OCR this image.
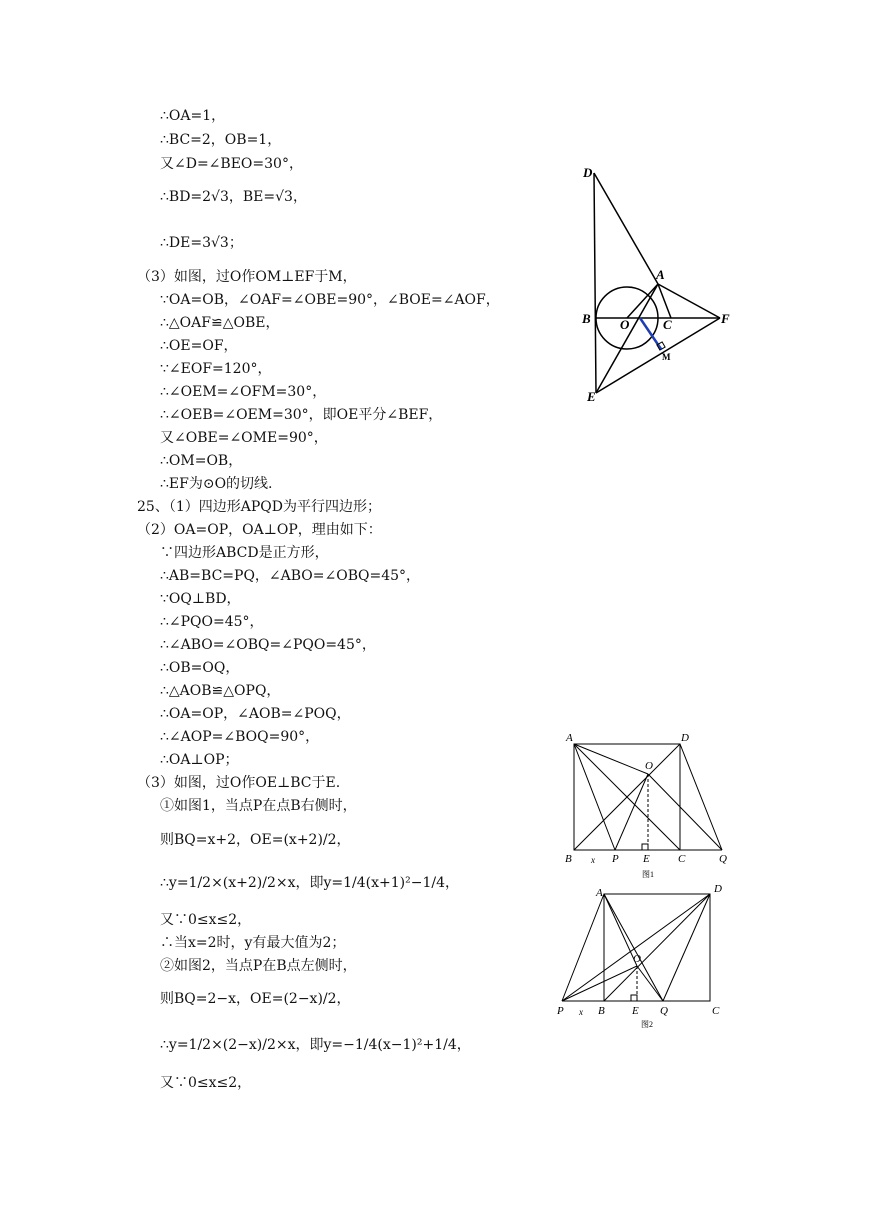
∴OA=1，
∴BC=2，OB=1，
又∠D=∠BEO=30°，
∴BD=2√3，BE=√3，
∴DE=3√3；
（3）如图，过O作OM⊥EF于M，
∵OA=OB，∠OAF=∠OBE=90°，∠BOE=∠AOF，
∴△OAF≌△OBE，
∴OE=OF，
∵∠EOF=120°，
∴∠OEM=∠OFM=30°，
∴∠OEB=∠OEM=30°，即OE平分∠BEF，
又∠OBE=∠OME=90°，
∴OM=OB，
∴EF为⊙O的切线.
25、（1）四边形APQD为平行四边形；
（2）OA=OP，OA⊥OP，理由如下：
∵四边形ABCD是正方形，
∴AB=BC=PQ，∠ABO=∠OBQ=45°，
∵OQ⊥BD，
∴∠PQO=45°，
∴∠ABO=∠OBQ=∠PQO=45°，
∴OB=OQ，
∴△AOB≌△OPQ，
∴OA=OP，∠AOB=∠POQ，
∴∠AOP=∠BOQ=90°，
∴OA⊥OP；
（3）如图，过O作OE⊥BC于E.
①如图1，当点P在点B右侧时，
则BQ=x+2，OE=(x+2)/2，
∴y=1/2×(x+2)/2×x，即y=1/4(x+1)²−1/4，
又∵0≤x≤2，
∴当x=2时，y有最大值为2；
②如图2，当点P在B点左侧时，
则BQ=2−x，OE=(2−x)/2，
∴y=1/2×(2−x)/2×x，即y=−1/4(x−1)²+1/4，
又∵0≤x≤2，
D
A
B O	C	F
M
E
A	D
O
B x P E	C	Q
图1
A	D
O
P x B E Q	C
图2
